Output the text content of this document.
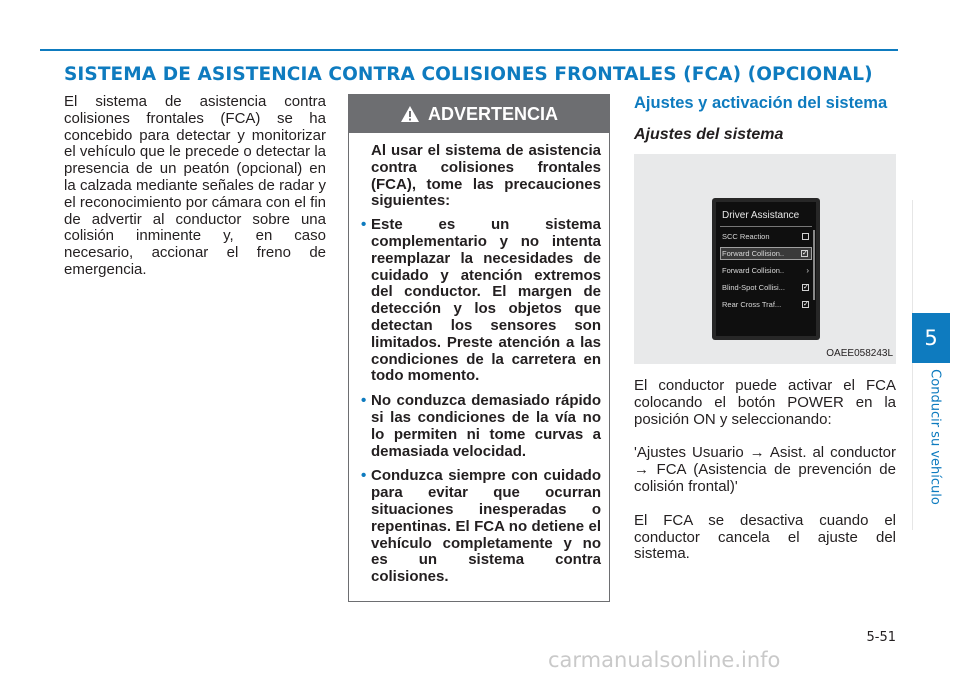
SISTEMA DE ASISTENCIA CONTRA COLISIONES FRONTALES (FCA) (OPCIONAL)

El sistema de asistencia contra colisiones frontales (FCA) se ha concebido para detectar y monitorizar el vehículo que le precede o detectar la presencia de un peatón (opcional) en la calzada mediante señales de radar y el reconocimiento por cámara con el fin de advertir al conductor sobre una colisión inminente y, en caso necesario, accionar el freno de emergencia.

ADVERTENCIA

Al usar el sistema de asistencia contra colisiones frontales (FCA), tome las precauciones siguientes:

• Este es un sistema complementario y no intenta reemplazar la necesidades de cuidado y atención extremos del conductor. El margen de detección y los objetos que detectan los sensores son limitados. Preste atención a las condiciones de la carretera en todo momento.
• No conduzca demasiado rápido si las condiciones de la vía no lo permiten ni tome curvas a demasiada velocidad.
• Conduzca siempre con cuidado para evitar que ocurran situaciones inesperadas o repentinas. El FCA no detiene el vehículo completamente y no es un sistema contra colisiones.
Ajustes y activación del sistema
Ajustes del sistema
Driver Assistance
SCC Reaction
Forward Collision..	✓
Forward Collision..	›
Blind-Spot Collisi...	✓
Rear Cross Traf...	✓
OAEE058243L

El conductor puede activar el FCA colocando el botón POWER en la posición ON y seleccionando:

'Ajustes Usuario → Asist. al conductor → FCA (Asistencia de prevención de colisión frontal)'

El FCA se desactiva cuando el conductor cancela el ajuste del sistema.

5
Conducir su vehículo
5-51
carmanualsonline.info
